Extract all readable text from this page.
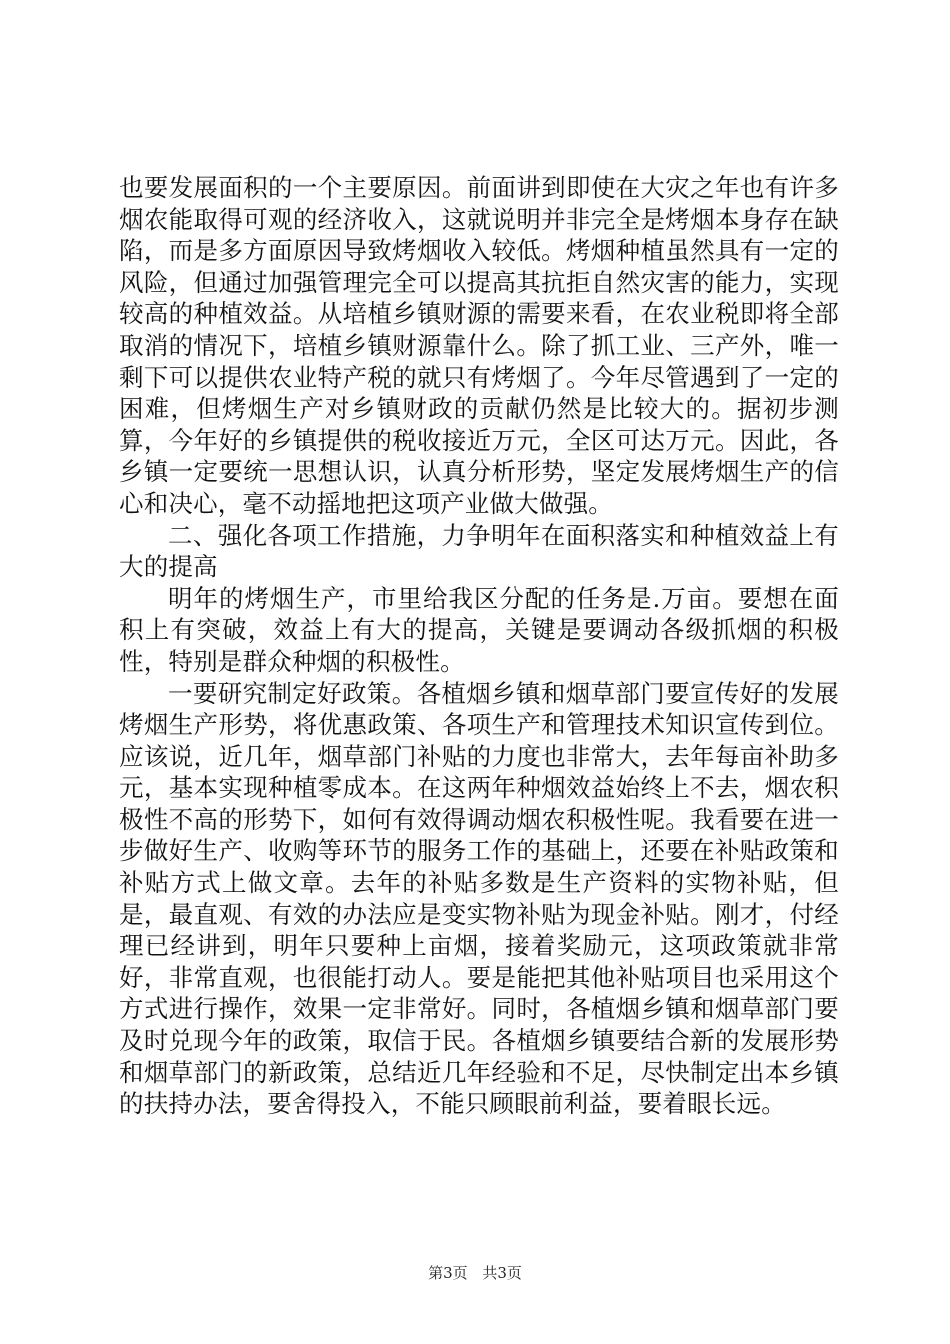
也要发展面积的一个主要原因。前面讲到即使在大灾之年也有许多烟农能取得可观的经济收入，这就说明并非完全是烤烟本身存在缺陷，而是多方面原因导致烤烟收入较低。烤烟种植虽然具有一定的风险，但通过加强管理完全可以提高其抗拒自然灾害的能力，实现较高的种植效益。从培植乡镇财源的需要来看，在农业税即将全部取消的情况下，培植乡镇财源靠什么。除了抓工业、三产外，唯一剩下可以提供农业特产税的就只有烤烟了。今年尽管遇到了一定的困难，但烤烟生产对乡镇财政的贡献仍然是比较大的。据初步测算，今年好的乡镇提供的税收接近万元，全区可达万元。因此，各乡镇一定要统一思想认识，认真分析形势，坚定发展烤烟生产的信心和决心，毫不动摇地把这项产业做大做强。

二、强化各项工作措施，力争明年在面积落实和种植效益上有大的提高

明年的烤烟生产，市里给我区分配的任务是.万亩。要想在面积上有突破，效益上有大的提高，关键是要调动各级抓烟的积极性，特别是群众种烟的积极性。

一要研究制定好政策。各植烟乡镇和烟草部门要宣传好的发展烤烟生产形势，将优惠政策、各项生产和管理技术知识宣传到位。应该说，近几年，烟草部门补贴的力度也非常大，去年每亩补助多元，基本实现种植零成本。在这两年种烟效益始终上不去，烟农积极性不高的形势下，如何有效得调动烟农积极性呢。我看要在进一步做好生产、收购等环节的服务工作的基础上，还要在补贴政策和补贴方式上做文章。去年的补贴多数是生产资料的实物补贴，但是，最直观、有效的办法应是变实物补贴为现金补贴。刚才，付经理已经讲到，明年只要种上亩烟，接着奖励元，这项政策就非常好，非常直观，也很能打动人。要是能把其他补贴项目也采用这个方式进行操作，效果一定非常好。同时，各植烟乡镇和烟草部门要及时兑现今年的政策，取信于民。各植烟乡镇要结合新的发展形势和烟草部门的新政策，总结近几年经验和不足，尽快制定出本乡镇的扶持办法，要舍得投入，不能只顾眼前利益，要着眼长远。

第3页 共3页
